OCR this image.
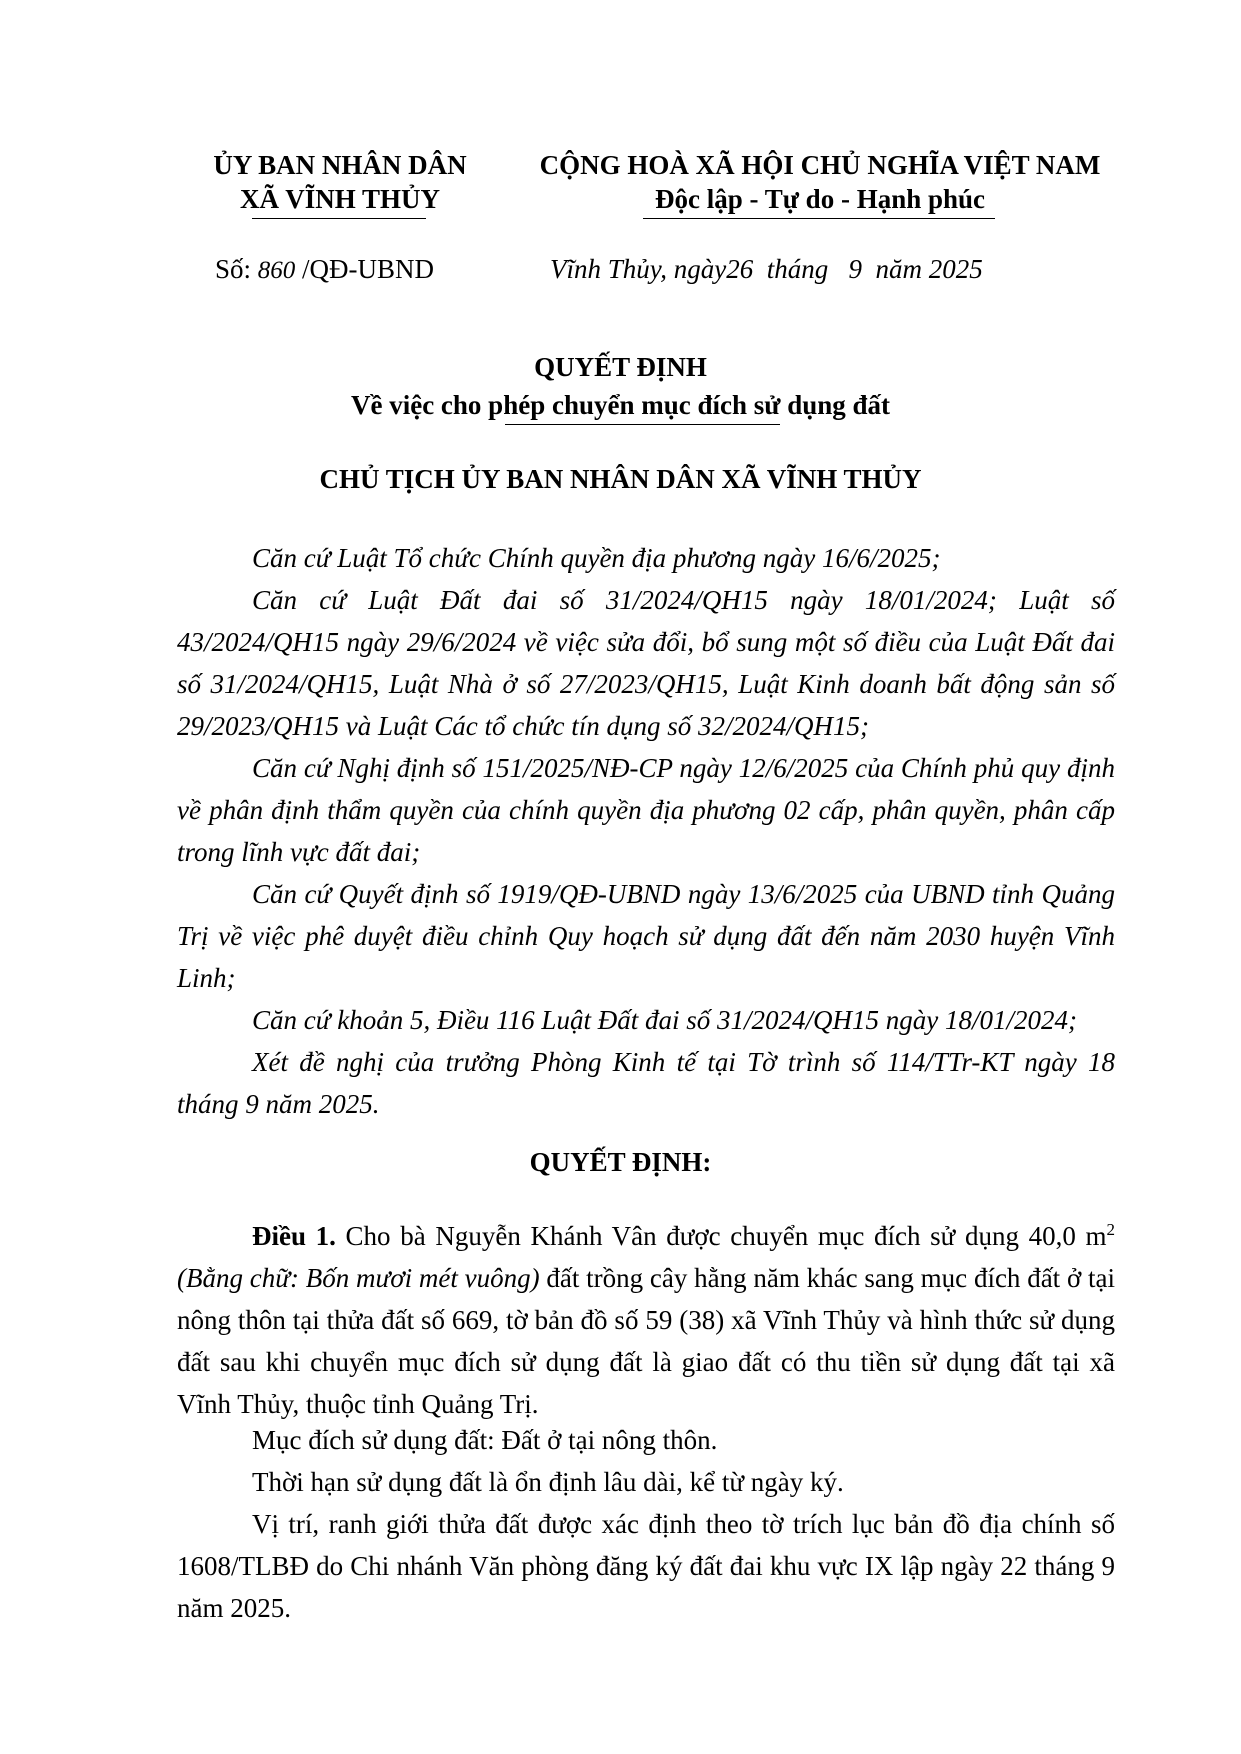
ỦY BAN NHÂN DÂN
XÃ VĨNH THỦY
CỘNG HOÀ XÃ HỘI CHỦ NGHĨA VIỆT NAM
Độc lập - Tự do - Hạnh phúc
Số: 860 /QĐ-UBND	Vĩnh Thủy, ngày26 tháng 9 năm 2025
QUYẾT ĐỊNH
Về việc cho phép chuyển mục đích sử dụng đất
CHỦ TỊCH ỦY BAN NHÂN DÂN XÃ VĨNH THỦY

Căn cứ Luật Tổ chức Chính quyền địa phương ngày 16/6/2025;

Căn cứ Luật Đất đai số 31/2024/QH15 ngày 18/01/2024; Luật số 43/2024/QH15 ngày 29/6/2024 về việc sửa đổi, bổ sung một số điều của Luật Đất đai số 31/2024/QH15, Luật Nhà ở số 27/2023/QH15, Luật Kinh doanh bất động sản số 29/2023/QH15 và Luật Các tổ chức tín dụng số 32/2024/QH15;

Căn cứ Nghị định số 151/2025/NĐ-CP ngày 12/6/2025 của Chính phủ quy định về phân định thẩm quyền của chính quyền địa phương 02 cấp, phân quyền, phân cấp trong lĩnh vực đất đai;

Căn cứ Quyết định số 1919/QĐ-UBND ngày 13/6/2025 của UBND tỉnh Quảng Trị về việc phê duyệt điều chỉnh Quy hoạch sử dụng đất đến năm 2030 huyện Vĩnh Linh;

Căn cứ khoản 5, Điều 116 Luật Đất đai số 31/2024/QH15 ngày 18/01/2024;

Xét đề nghị của trưởng Phòng Kinh tế tại Tờ trình số 114/TTr-KT ngày 18 tháng 9 năm 2025.

QUYẾT ĐỊNH:

Điều 1. Cho bà Nguyễn Khánh Vân được chuyển mục đích sử dụng 40,0 $m^2$ (Bằng chữ: Bốn mươi mét vuông) đất trồng cây hằng năm khác sang mục đích đất ở tại nông thôn tại thửa đất số 669, tờ bản đồ số 59 (38) xã Vĩnh Thủy và hình thức sử dụng đất sau khi chuyển mục đích sử dụng đất là giao đất có thu tiền sử dụng đất tại xã Vĩnh Thủy, thuộc tỉnh Quảng Trị.

Mục đích sử dụng đất: Đất ở tại nông thôn.

Thời hạn sử dụng đất là ổn định lâu dài, kể từ ngày ký.

Vị trí, ranh giới thửa đất được xác định theo tờ trích lục bản đồ địa chính số 1608/TLBĐ do Chi nhánh Văn phòng đăng ký đất đai khu vực IX lập ngày 22 tháng 9 năm 2025.
